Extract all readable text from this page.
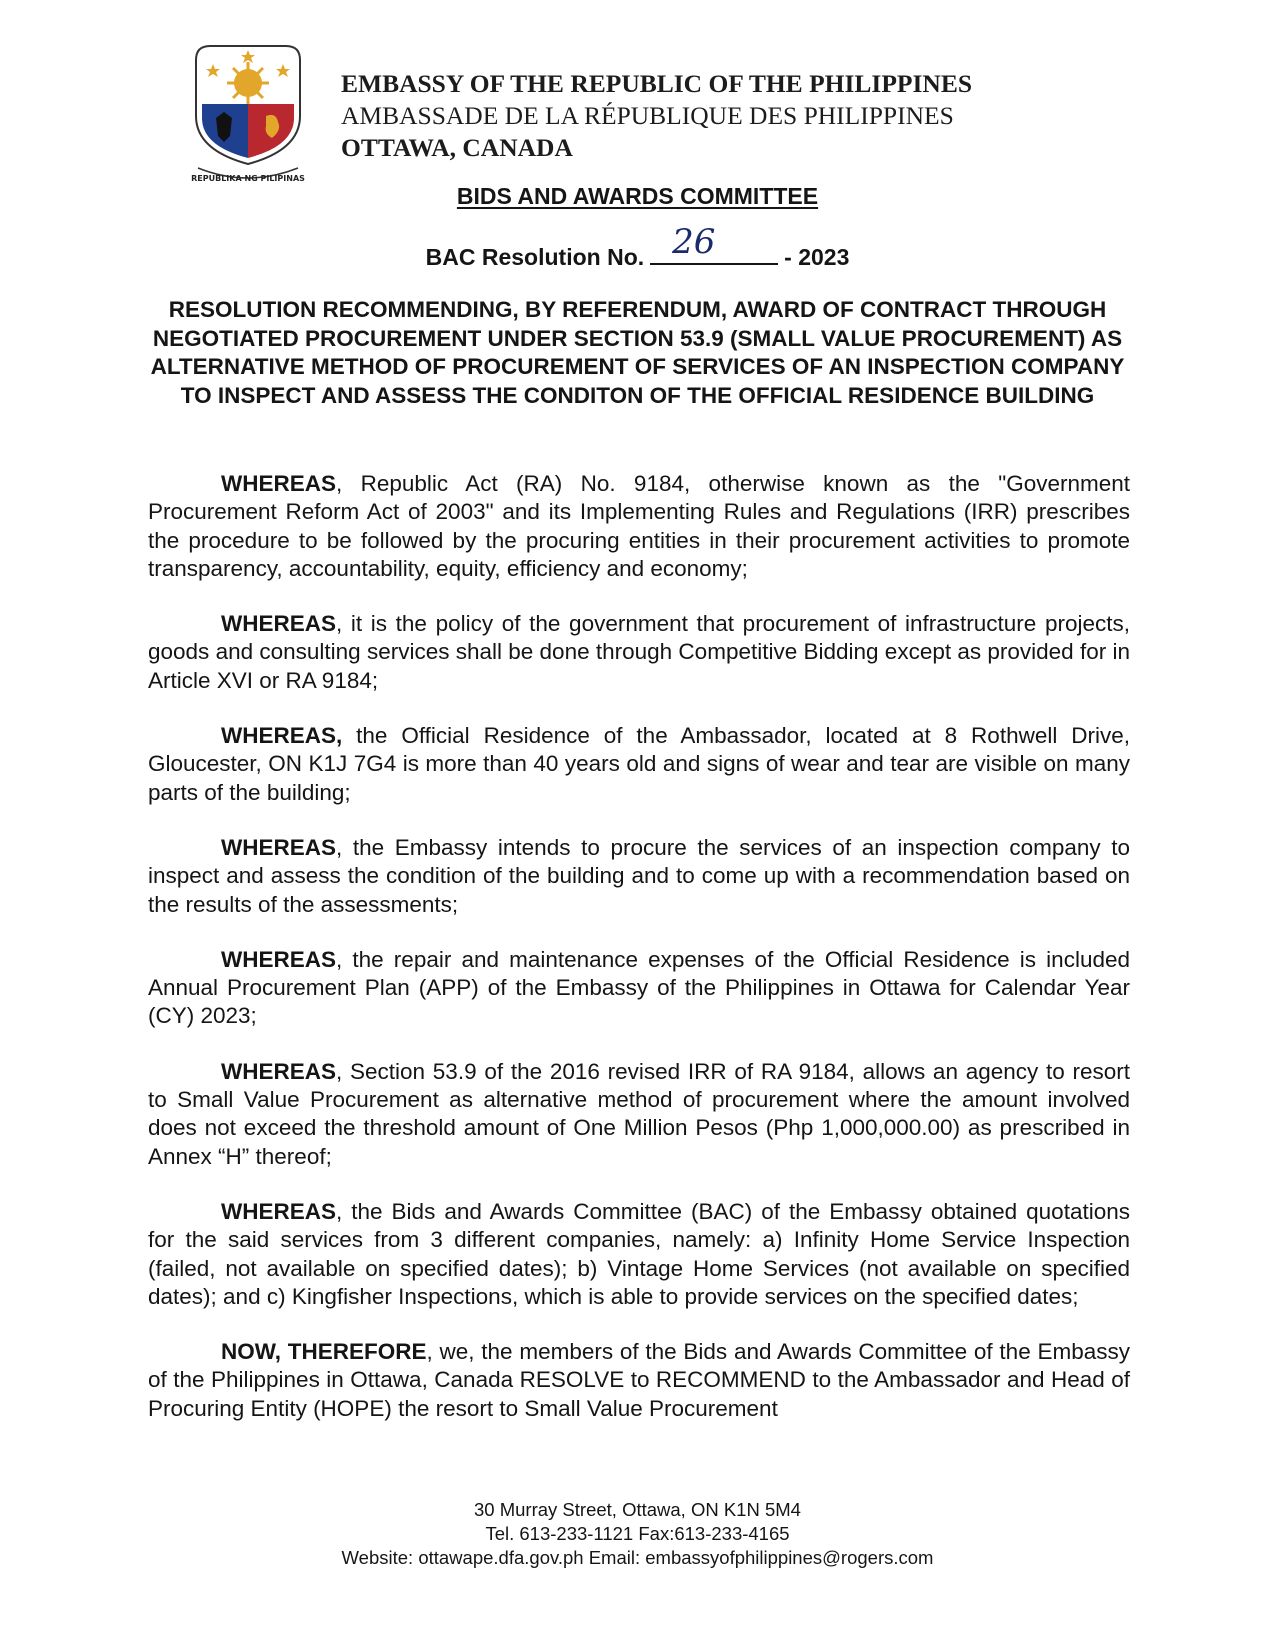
REPUBLIKA NG PILIPINAS
EMBASSY OF THE REPUBLIC OF THE PHILIPPINES
AMBASSADE DE LA RÉPUBLIQUE DES PHILIPPINES
OTTAWA, CANADA
BIDS AND AWARDS COMMITTEE
BAC Resolution No. 26	- 2023
RESOLUTION RECOMMENDING, BY REFERENDUM, AWARD OF CONTRACT THROUGH NEGOTIATED PROCUREMENT UNDER SECTION 53.9 (SMALL VALUE PROCUREMENT) AS ALTERNATIVE METHOD OF PROCUREMENT OF SERVICES OF AN INSPECTION COMPANY TO INSPECT AND ASSESS THE CONDITON OF THE OFFICIAL RESIDENCE BUILDING

WHEREAS, Republic Act (RA) No. 9184, otherwise known as the "Government Procurement Reform Act of 2003" and its Implementing Rules and Regulations (IRR) prescribes the procedure to be followed by the procuring entities in their procurement activities to promote transparency, accountability, equity, efficiency and economy;

WHEREAS, it is the policy of the government that procurement of infrastructure projects, goods and consulting services shall be done through Competitive Bidding except as provided for in Article XVI or RA 9184;

WHEREAS, the Official Residence of the Ambassador, located at 8 Rothwell Drive, Gloucester, ON K1J 7G4 is more than 40 years old and signs of wear and tear are visible on many parts of the building;

WHEREAS, the Embassy intends to procure the services of an inspection company to inspect and assess the condition of the building and to come up with a recommendation based on the results of the assessments;

WHEREAS, the repair and maintenance expenses of the Official Residence is included Annual Procurement Plan (APP) of the Embassy of the Philippines in Ottawa for Calendar Year (CY) 2023;

WHEREAS, Section 53.9 of the 2016 revised IRR of RA 9184, allows an agency to resort to Small Value Procurement as alternative method of procurement where the amount involved does not exceed the threshold amount of One Million Pesos (Php 1,000,000.00) as prescribed in Annex “H” thereof;

WHEREAS, the Bids and Awards Committee (BAC) of the Embassy obtained quotations for the said services from 3 different companies, namely: a) Infinity Home Service Inspection (failed, not available on specified dates); b) Vintage Home Services (not available on specified dates); and c) Kingfisher Inspections, which is able to provide services on the specified dates;

NOW, THEREFORE, we, the members of the Bids and Awards Committee of the Embassy of the Philippines in Ottawa, Canada RESOLVE to RECOMMEND to the Ambassador and Head of Procuring Entity (HOPE) the resort to Small Value Procurement

30 Murray Street, Ottawa, ON K1N 5M4
Tel. 613-233-1121 Fax:613-233-4165
Website: ottawape.dfa.gov.ph Email: embassyofphilippines@rogers.com
